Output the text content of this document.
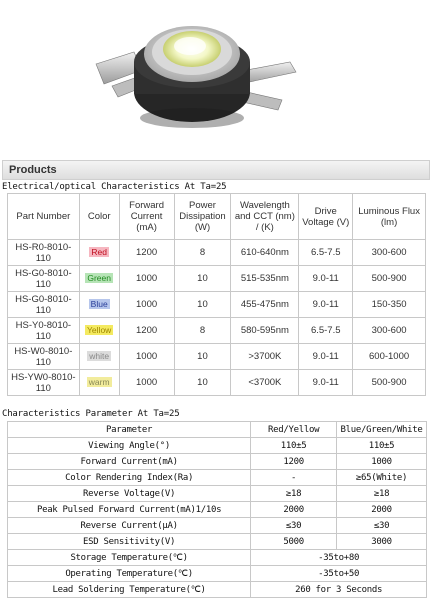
Products
Electrical/optical Characteristics At Ta=25
Part Number	Color	Forward Current (mA)	Power Dissipation (W)	Wavelength and CCT (nm) / (K)	Drive Voltage (V)	Luminous Flux (lm)
HS-R0-8010-110	Red	1200	8	610-640nm	6.5-7.5	300-600
HS-G0-8010-110	Green	1000	10	515-535nm	9.0-11	500-900
HS-G0-8010-110	Blue	1000	10	455-475nm	9.0-11	150-350
HS-Y0-8010-110	Yellow	1200	8	580-595nm	6.5-7.5	300-600
HS-W0-8010-110	white	1000	10	>3700K	9.0-11	600-1000
HS-YW0-8010-110	warm	1000	10	<3700K	9.0-11	500-900
Characteristics Parameter At Ta=25
Parameter	Red/Yellow	Blue/Green/White
Viewing Angle(°)	110±5	110±5
Forward Current(mA)	1200	1000
Color Rendering Index(Ra)	-	≥65(White)
Reverse Voltage(V)	≥18	≥18
Peak Pulsed Forward Current(mA)1/10s	2000	2000
Reverse Current(μA)	≤30	≤30
ESD Sensitivity(V)	5000	3000
Storage Temperature(℃)	-35to+80	
Operating Temperature(℃)	-35to+50	
Lead Soldering Temperature(℃)	260 for 3 Seconds	
